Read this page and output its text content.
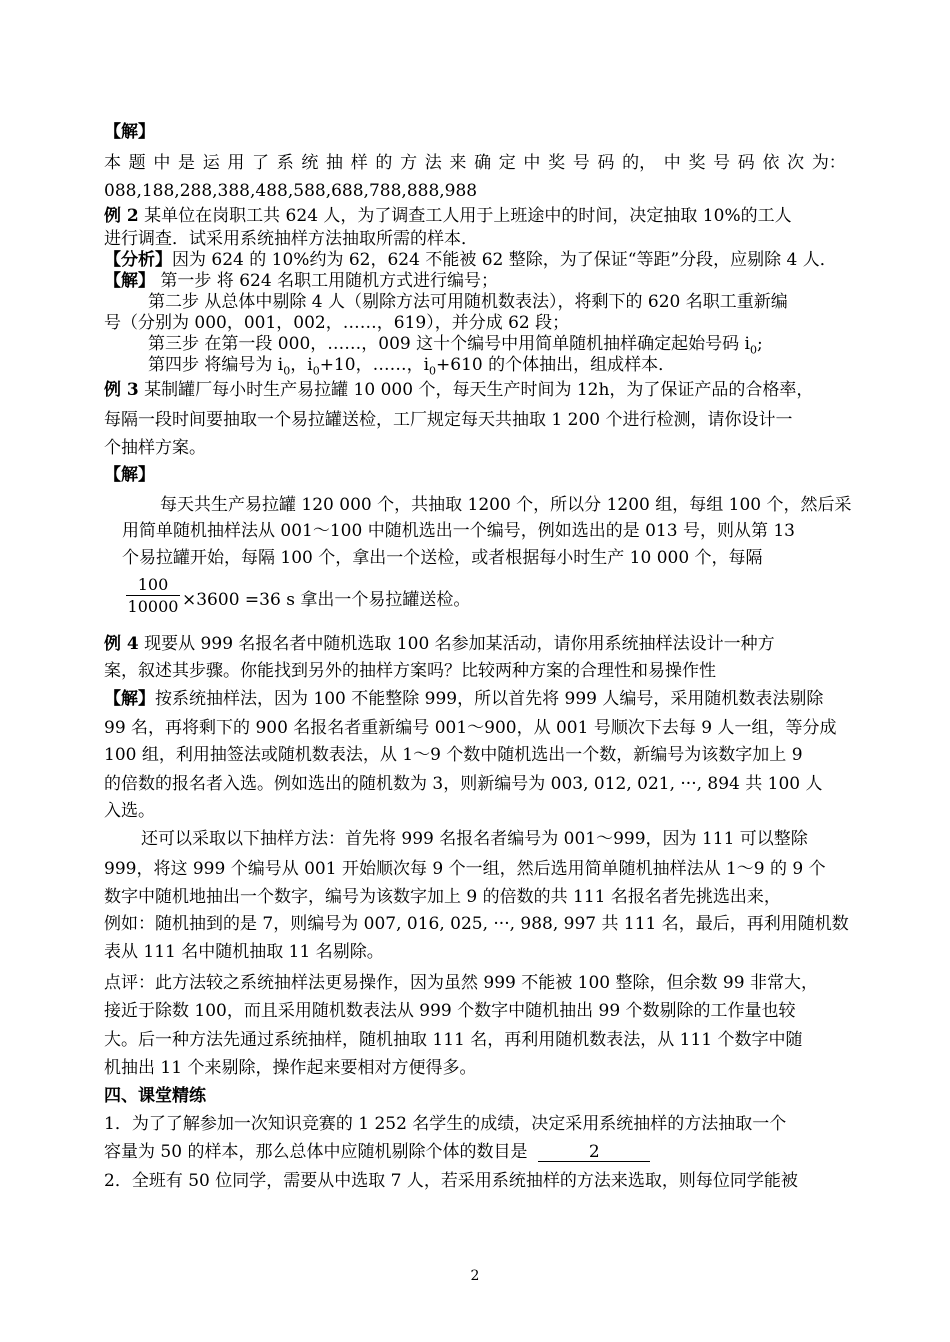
【解】
本 题 中 是 运 用 了 系 统 抽 样 的 方 法 来 确 定 中 奖 号 码 的， 中 奖 号 码 依 次 为：
088,188,288,388,488,588,688,788,888,988
例 2 某单位在岗职工共 624 人，为了调查工人用于上班途中的时间，决定抽取 10%的工人
进行调查．试采用系统抽样方法抽取所需的样本．
【分析】因为 624 的 10%约为 62，624 不能被 62 整除，为了保证“等距”分段，应剔除 4 人．
【解】 第一步 将 624 名职工用随机方式进行编号；
第二步 从总体中剔除 4 人（剔除方法可用随机数表法），将剩下的 620 名职工重新编
号（分别为 000，001，002，……，619），并分成 62 段；
第三步 在第一段 000，……，009 这十个编号中用简单随机抽样确定起始号码 $i_0$;
第四步 将编号为 $i_0$，$i_0+10$，……，$i_0+610$ 的个体抽出，组成样本．
例 3 某制罐厂每小时生产易拉罐 10 000 个，每天生产时间为 12h，为了保证产品的合格率，
每隔一段时间要抽取一个易拉罐送检，工厂规定每天共抽取 1 200 个进行检测，请你设计一
个抽样方案。
【解】
每天共生产易拉罐 120 000 个，共抽取 1200 个，所以分 1200 组，每组 100 个，然后采
用简单随机抽样法从 001～100 中随机选出一个编号，例如选出的是 013 号，则从第 13
个易拉罐开始，每隔 100 个，拿出一个送检，或者根据每小时生产 10 000 个，每隔
100
10000 ×3600 =36 s 拿出一个易拉罐送检。
例 4 现要从 999 名报名者中随机选取 100 名参加某活动，请你用系统抽样法设计一种方
案，叙述其步骤。你能找到另外的抽样方案吗？比较两种方案的合理性和易操作性
【解】按系统抽样法，因为 100 不能整除 999，所以首先将 999 人编号，采用随机数表法剔除
99 名，再将剩下的 900 名报名者重新编号 001～900，从 001 号顺次下去每 9 人一组，等分成
100 组，利用抽签法或随机数表法，从 1～9 个数中随机选出一个数，新编号为该数字加上 9
的倍数的报名者入选。例如选出的随机数为 3，则新编号为 003, 012, 021, ···, 894 共 100 人
入选。
还可以采取以下抽样方法：首先将 999 名报名者编号为 001～999，因为 111 可以整除
999，将这 999 个编号从 001 开始顺次每 9 个一组，然后选用简单随机抽样法从 1～9 的 9 个
数字中随机地抽出一个数字，编号为该数字加上 9 的倍数的共 111 名报名者先挑选出来，
例如：随机抽到的是 7，则编号为 007, 016, 025, ···, 988, 997 共 111 名，最后，再利用随机数
表从 111 名中随机抽取 11 名剔除。
点评：此方法较之系统抽样法更易操作，因为虽然 999 不能被 100 整除，但余数 99 非常大，
接近于除数 100，而且采用随机数表法从 999 个数字中随机抽出 99 个数剔除的工作量也较
大。后一种方法先通过系统抽样，随机抽取 111 名，再利用随机数表法，从 111 个数字中随
机抽出 11 个来剔除，操作起来要相对方便得多。
四、课堂精练
1．为了了解参加一次知识竞赛的 1 252 名学生的成绩，决定采用系统抽样的方法抽取一个
容量为 50 的样本，那么总体中应随机剔除个体的数目是	2
2．全班有 50 位同学，需要从中选取 7 人，若采用系统抽样的方法来选取，则每位同学能被
2
